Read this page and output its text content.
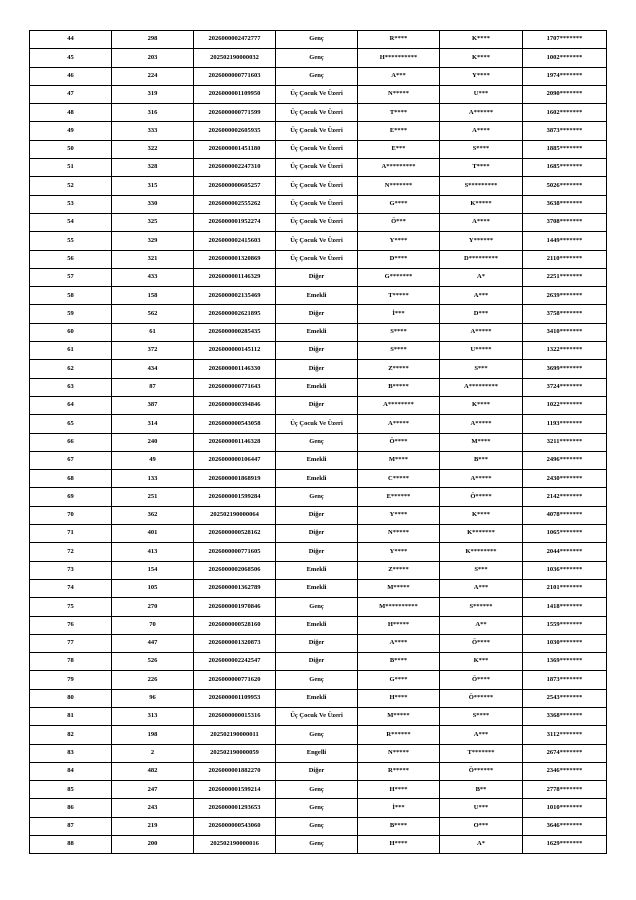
44	298	2026000002472777	Genç	R****	K****	1707*******
45	203	202502190000032	Genç	H**********	K****	1002*******
46	224	2026000000771603	Genç	A***	Y****	1974*******
47	319	2026000001109950	Üç Çocuk Ve Üzeri	N*****	U***	2090*******
48	316	2026000000771599	Üç Çocuk Ve Üzeri	T****	A******	1602*******
49	333	2026000002605935	Üç Çocuk Ve Üzeri	E****	A****	3873*******
50	322	2026000001451180	Üç Çocuk Ve Üzeri	E***	S****	1885*******
51	328	2026000002247310	Üç Çocuk Ve Üzeri	A*********	T****	1685*******
52	315	2026000000605257	Üç Çocuk Ve Üzeri	N*******	S*********	5026*******
53	330	2026000002555262	Üç Çocuk Ve Üzeri	G****	K*****	3638*******
54	325	2026000001952274	Üç Çocuk Ve Üzeri	Ö***	A****	3708*******
55	329	2026000002415603	Üç Çocuk Ve Üzeri	Y****	Y******	1449*******
56	321	2026000001320869	Üç Çocuk Ve Üzeri	D****	D*********	2110*******
57	433	2026000001146329	Diğer	G*******	A*	2251*******
58	158	2026000002135469	Emekli	T*****	A***	2639*******
59	562	2026000002621895	Diğer	İ***	D***	3758*******
60	61	2026000000285435	Emekli	S****	A*****	3410*******
61	372	2026000000145112	Diğer	S****	U*****	1322*******
62	434	2026000001146330	Diğer	Z*****	S***	3699*******
63	87	2026000000771643	Emekli	B*****	A*********	3724*******
64	387	2026000000394846	Diğer	A********	K****	1022*******
65	314	2026000000543058	Üç Çocuk Ve Üzeri	A*****	A*****	1193*******
66	240	2026000001146328	Genç	Ö****	M****	3211*******
67	49	2026000000106447	Emekli	M****	B***	2496*******
68	133	2026000001868919	Emekli	C*****	A*****	2430*******
69	251	2026000001599284	Genç	E******	Ö*****	2142*******
70	362	202502190000064	Diğer	Y****	K****	4078*******
71	401	2026000000528162	Diğer	N*****	K*******	1065*******
72	413	2026000000771605	Diğer	Y****	K********	2044*******
73	154	2026000002068506	Emekli	Z*****	S***	1036*******
74	105	2026000001362789	Emekli	M*****	A***	2101*******
75	270	2026000001970846	Genç	M**********	S******	1418*******
76	70	2026000000528160	Emekli	H*****	A**	1559*******
77	447	2026000001320873	Diğer	A****	Ö****	1030*******
78	526	2026000002242547	Diğer	B****	K***	1369*******
79	226	2026000000771620	Genç	G****	Ö****	1873*******
80	96	2026000001109953	Emekli	H****	Ö******	2543*******
81	313	2026000000015316	Üç Çocuk Ve Üzeri	M*****	S****	3368*******
82	198	202502190000011	Genç	R******	A***	3112*******
83	2	202502190000059	Engelli	N*****	T*******	2674*******
84	482	2026000001882270	Diğer	R*****	Ö******	2346*******
85	247	2026000001599214	Genç	H****	B**	2778*******
86	243	2026000001293653	Genç	İ***	U***	1010*******
87	219	2026000000543060	Genç	B****	O***	3646*******
88	200	202502190000016	Genç	H****	A*	1629*******
